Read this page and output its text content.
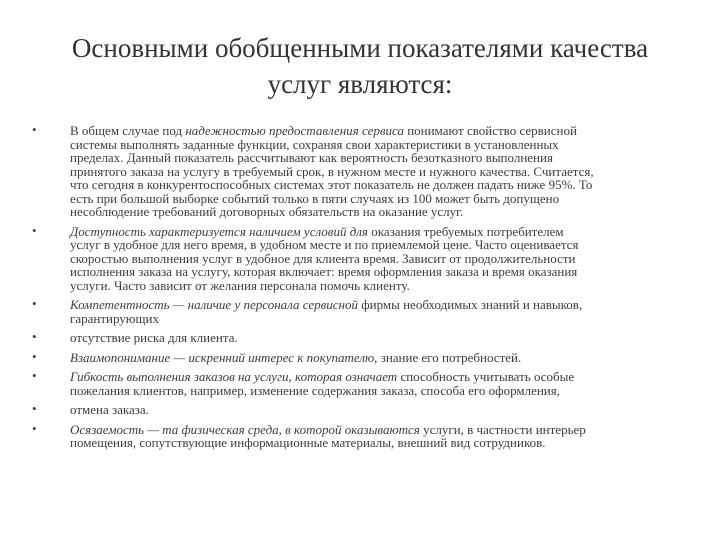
Основными обобщенными показателями качества
услуг являются:
•	В общем случае под надежностью предоставления сервиса понимают свойство сервисной
системы выполнять заданные функции, сохраняя свои характеристики в установленных
пределах. Данный показатель рассчитывают как вероятность безотказного выполнения
принятого заказа на услугу в требуемый срок, в нужном месте и нужного качества. Считается,
что сегодня в конкурентоспособных системах этот показатель не должен падать ниже 95%. То
есть при большой выборке событий только в пяти случаях из 100 может быть допущено
несоблюдение требований договорных обязательств на оказание услуг.
•	Доступность характеризуется наличием условий для оказания требуемых потребителем
услуг в удобное для него время, в удобном месте и по приемлемой цене. Часто оценивается
скоростью выполнения услуг в удобное для клиента время. Зависит от продолжительности
исполнения заказа на услугу, которая включает: время оформления заказа и время оказания
услуги. Часто зависит от желания персонала помочь клиенту.
•	Компетентность — наличие у персонала сервисной фирмы необходимых знаний и навыков,
гарантирующих
•	отсутствие риска для клиента.
•	Взаимопонимание — искренний интерес к покупателю, знание его потребностей.
•	Гибкость выполнения заказов на услуги, которая означает способность учитывать особые
пожелания клиентов, например, изменение содержания заказа, способа его оформления,
•	отмена заказа.
•	Осязаемость — та физическая среда, в которой оказываются услуги, в частности интерьер
помещения, сопутствующие информационные материалы, внешний вид сотрудников.
